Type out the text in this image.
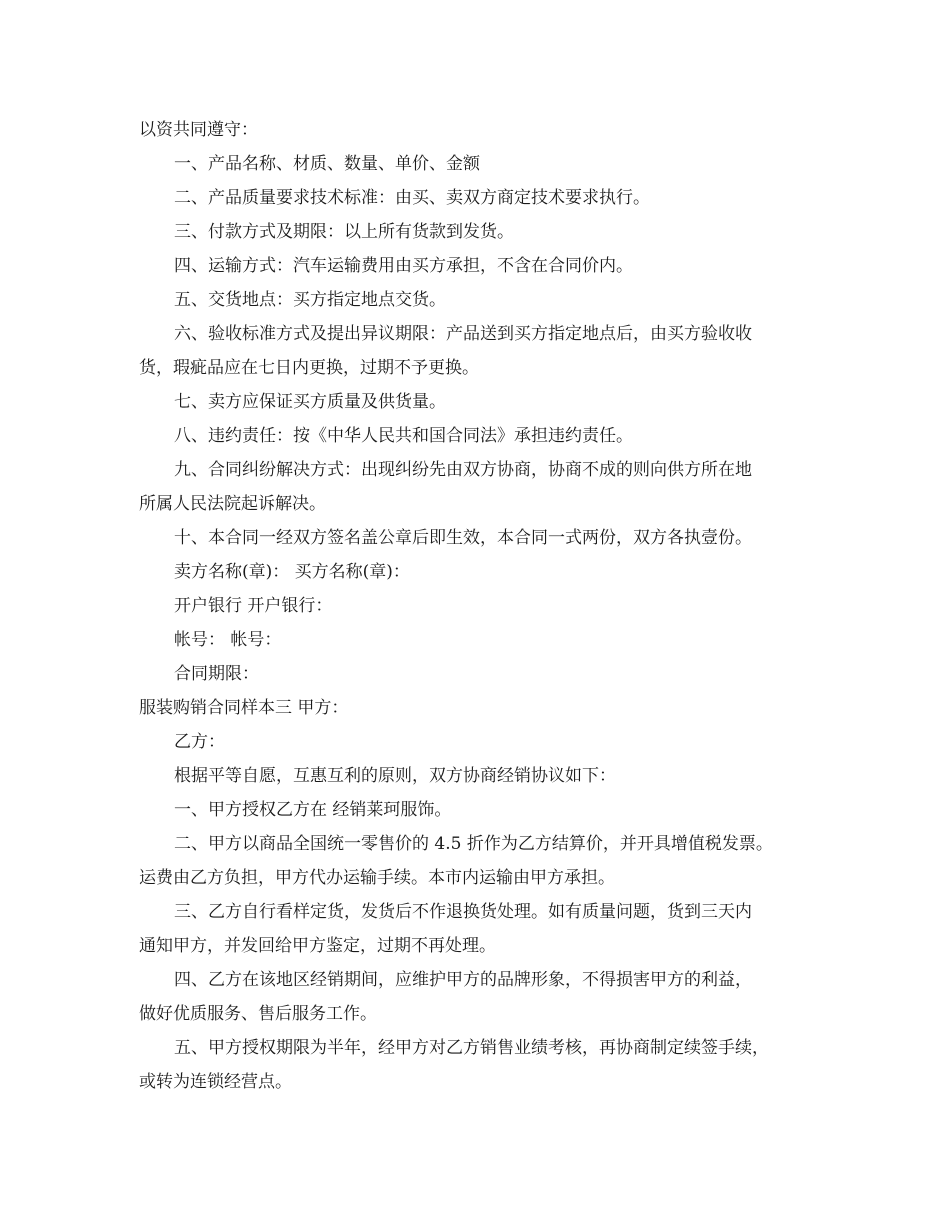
以资共同遵守：
一、产品名称、材质、数量、单价、金额
二、产品质量要求技术标准：由买、卖双方商定技术要求执行。
三、付款方式及期限：以上所有货款到发货。
四、运输方式：汽车运输费用由买方承担，不含在合同价内。
五、交货地点：买方指定地点交货。
六、验收标准方式及提出异议期限：产品送到买方指定地点后，由买方验收收
货，瑕疵品应在七日内更换，过期不予更换。
七、卖方应保证买方质量及供货量。
八、违约责任：按《中华人民共和国合同法》承担违约责任。
九、合同纠纷解决方式：出现纠纷先由双方协商，协商不成的则向供方所在地
所属人民法院起诉解决。
十、本合同一经双方签名盖公章后即生效，本合同一式两份，双方各执壹份。
卖方名称(章)： 买方名称(章)：
开户银行 开户银行：
帐号： 帐号：
合同期限：
服装购销合同样本三 甲方：
乙方：
根据平等自愿，互惠互利的原则，双方协商经销协议如下：
一、甲方授权乙方在 经销莱珂服饰。
二、甲方以商品全国统一零售价的 4.5 折作为乙方结算价，并开具增值税发票。
运费由乙方负担，甲方代办运输手续。本市内运输由甲方承担。
三、乙方自行看样定货，发货后不作退换货处理。如有质量问题，货到三天内
通知甲方，并发回给甲方鉴定，过期不再处理。
四、乙方在该地区经销期间，应维护甲方的品牌形象，不得损害甲方的利益，
做好优质服务、售后服务工作。
五、甲方授权期限为半年，经甲方对乙方销售业绩考核，再协商制定续签手续，
或转为连锁经营点。
